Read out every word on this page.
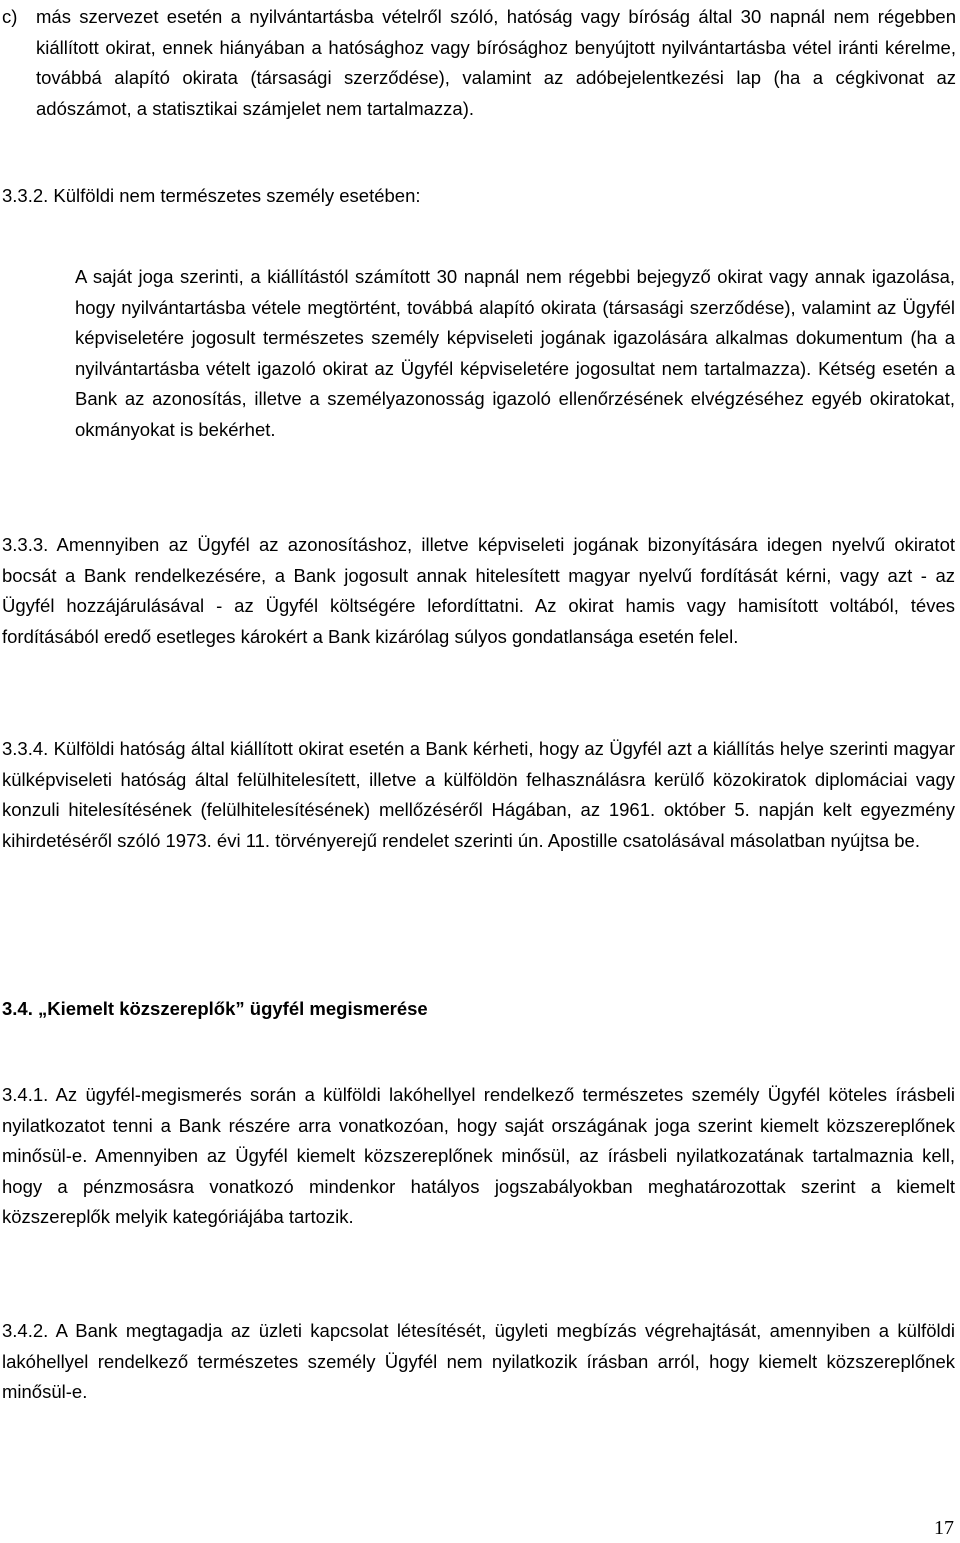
c) más szervezet esetén a nyilvántartásba vételről szóló, hatóság vagy bíróság által 30 napnál nem régebben kiállított okirat, ennek hiányában a hatósághoz vagy bírósághoz benyújtott nyilvántartásba vétel iránti kérelme, továbbá alapító okirata (társasági szerződése), valamint az adóbejelentkezési lap (ha a cégkivonat az adószámot, a statisztikai számjelet nem tartalmazza).
3.3.2. Külföldi nem természetes személy esetében:
A saját joga szerinti, a kiállítástól számított 30 napnál nem régebbi bejegyző okirat vagy annak igazolása, hogy nyilvántartásba vétele megtörtént, továbbá alapító okirata (társasági szerződése), valamint az Ügyfél képviseletére jogosult természetes személy képviseleti jogának igazolására alkalmas dokumentum (ha a nyilvántartásba vételt igazoló okirat az Ügyfél képviseletére jogosultat nem tartalmazza). Kétség esetén a Bank az azonosítás, illetve a személyazonosság igazoló ellenőrzésének elvégzéséhez egyéb okiratokat, okmányokat is bekérhet.
3.3.3. Amennyiben az Ügyfél az azonosításhoz, illetve képviseleti jogának bizonyítására idegen nyelvű okiratot bocsát a Bank rendelkezésére, a Bank jogosult annak hitelesített magyar nyelvű fordítását kérni, vagy azt - az Ügyfél hozzájárulásával - az Ügyfél költségére lefordíttatni. Az okirat hamis vagy hamisított voltából, téves fordításából eredő esetleges károkért a Bank kizárólag súlyos gondatlansága esetén felel.
3.3.4. Külföldi hatóság által kiállított okirat esetén a Bank kérheti, hogy az Ügyfél azt a kiállítás helye szerinti magyar külképviseleti hatóság által felülhitelesített, illetve a külföldön felhasználásra kerülő közokiratok diplomáciai vagy konzuli hitelesítésének (felülhitelesítésének) mellőzéséről Hágában, az 1961. október 5. napján kelt egyezmény kihirdetéséről szóló 1973. évi 11. törvényerejű rendelet szerinti ún. Apostille csatolásával másolatban nyújtsa be.
3.4. „Kiemelt közszereplők” ügyfél megismerése
3.4.1. Az ügyfél-megismerés során a külföldi lakóhellyel rendelkező természetes személy Ügyfél köteles írásbeli nyilatkozatot tenni a Bank részére arra vonatkozóan, hogy saját országának joga szerint kiemelt közszereplőnek minősül-e. Amennyiben az Ügyfél kiemelt közszereplőnek minősül, az írásbeli nyilatkozatának tartalmaznia kell, hogy a pénzmosásra vonatkozó mindenkor hatályos jogszabályokban meghatározottak szerint a kiemelt közszereplők melyik kategóriájába tartozik.
3.4.2. A Bank megtagadja az üzleti kapcsolat létesítését, ügyleti megbízás végrehajtását, amennyiben a külföldi lakóhellyel rendelkező természetes személy Ügyfél nem nyilatkozik írásban arról, hogy kiemelt közszereplőnek minősül-e.
17
